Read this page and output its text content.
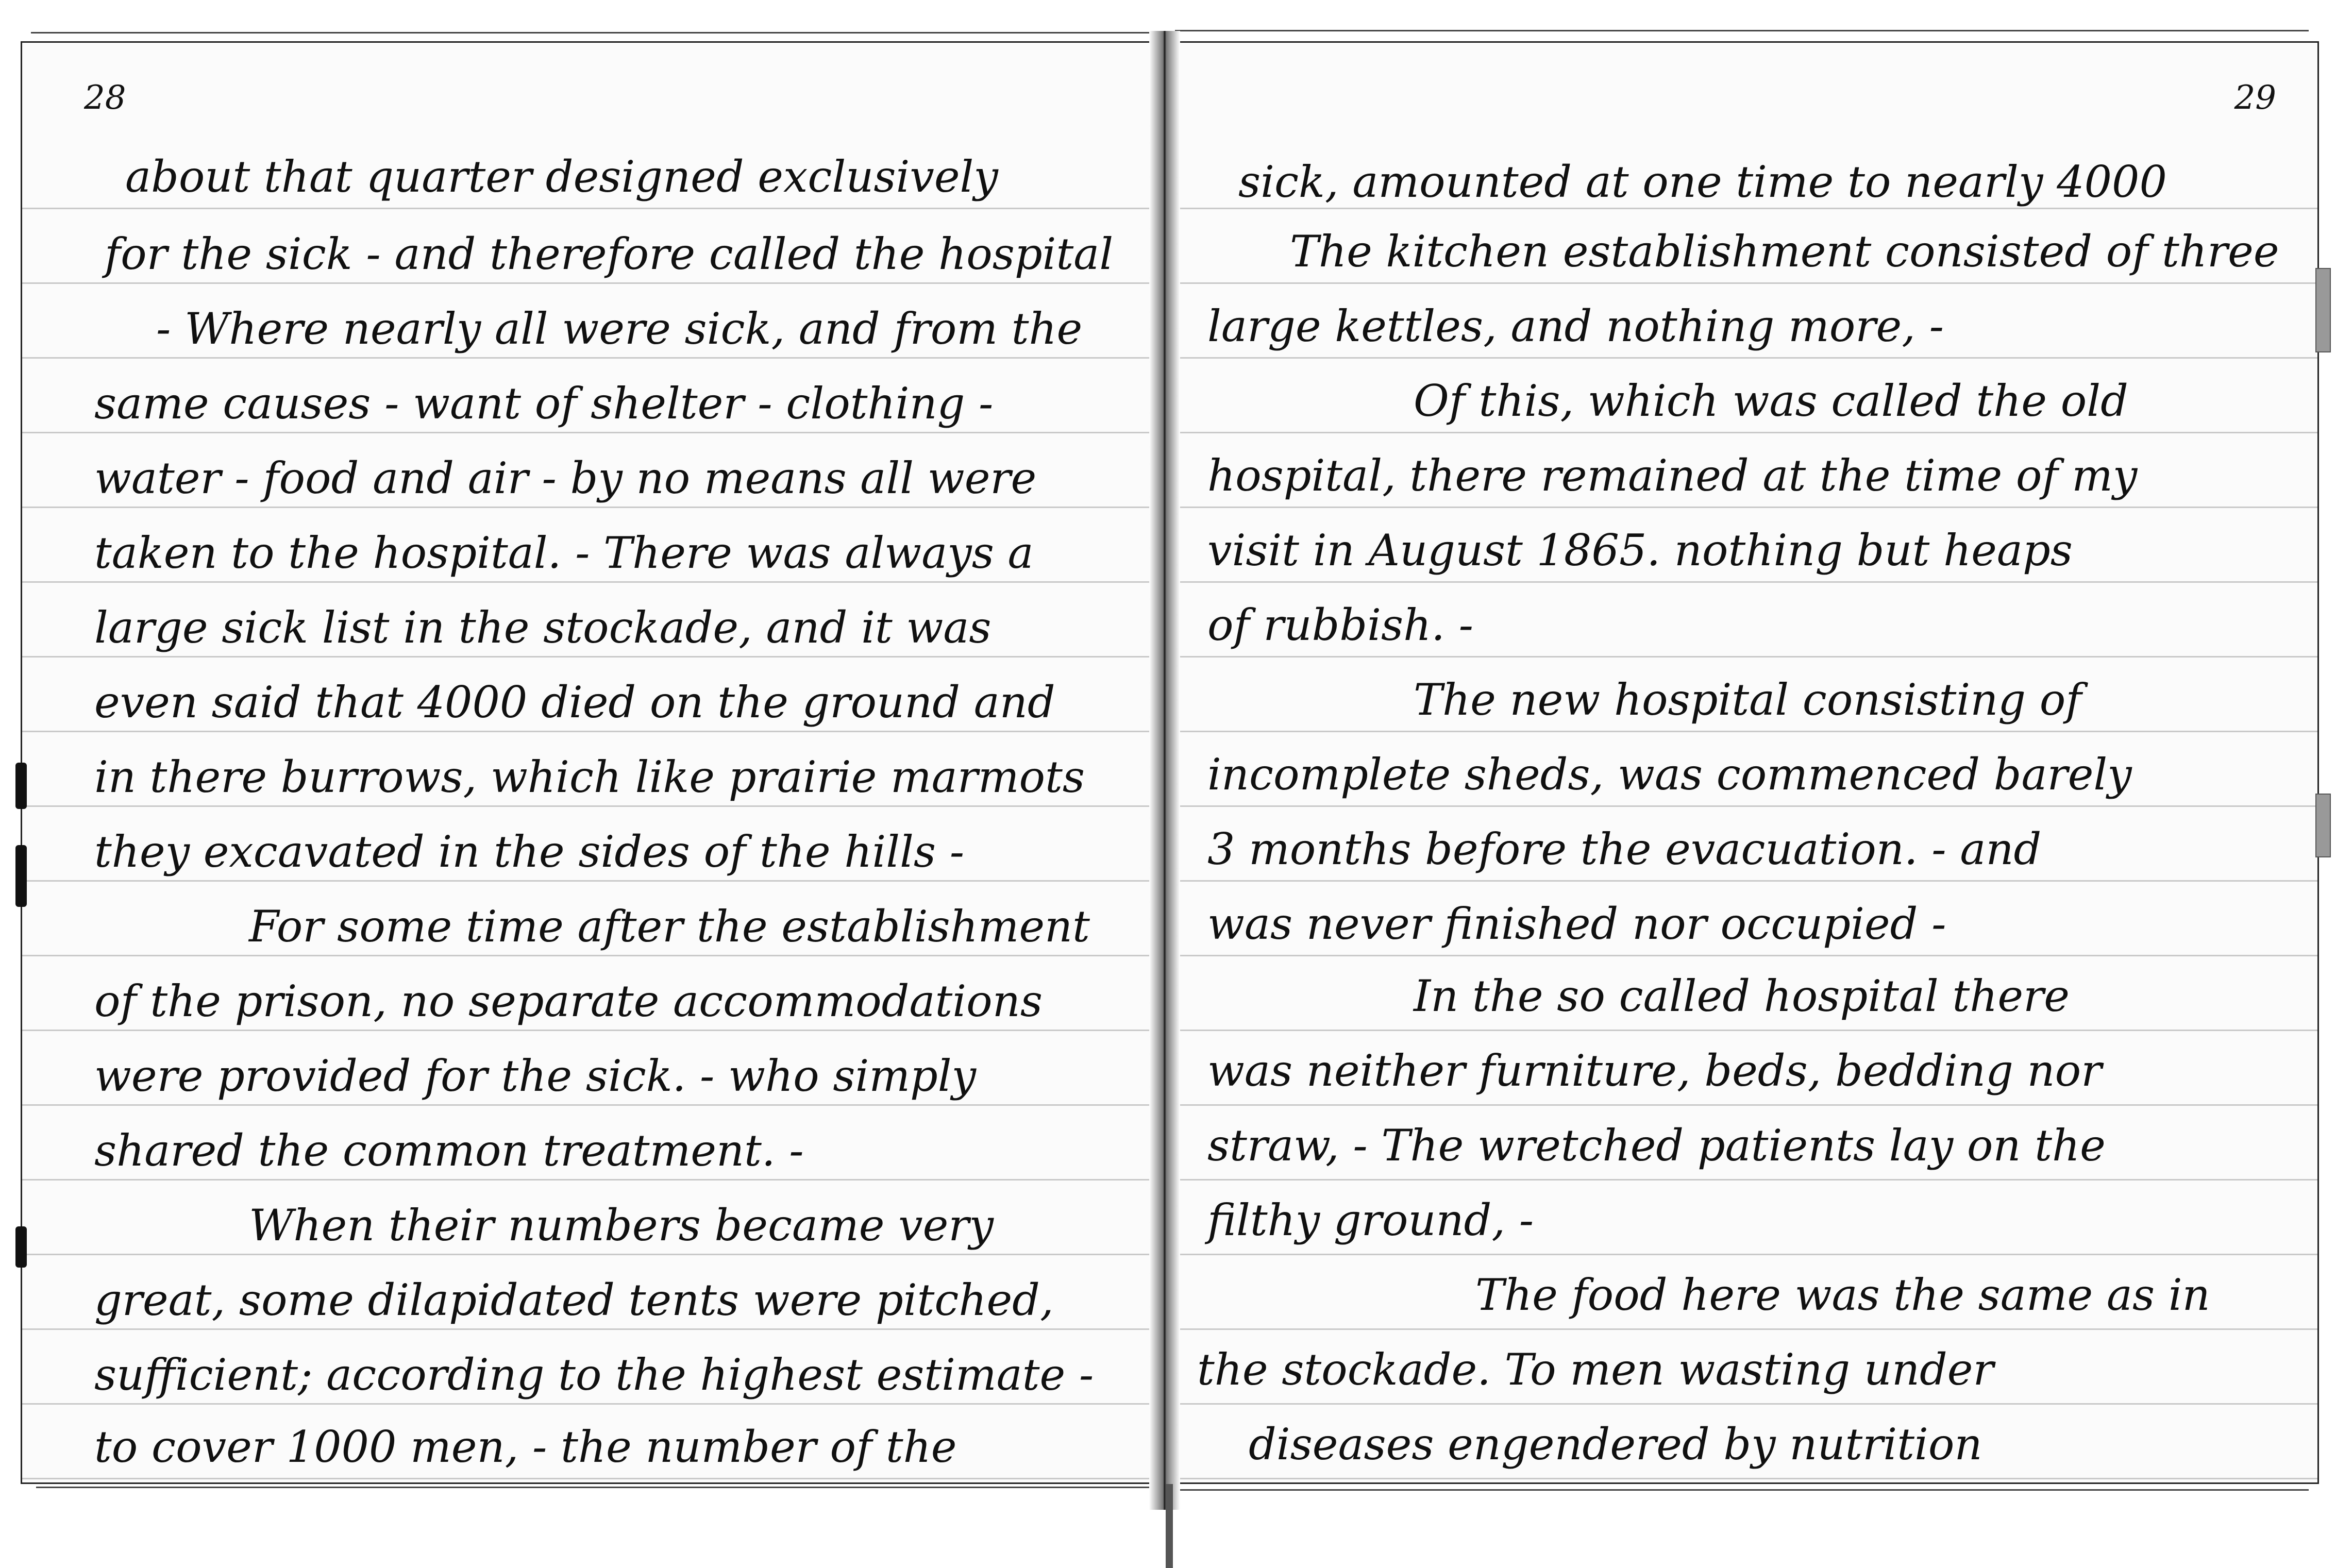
28
about that quarter designed exclusively
for the sick - and therefore called the hospital
- Where nearly all were sick, and from the
same causes - want of shelter - clothing -
water - food and air - by no means all were
taken to the hospital. - There was always a
large sick list in the stockade, and it was
even said that 4000 died on the ground and
in there burrows, which like prairie marmots
they excavated in the sides of the hills -
For some time after the establishment
of the prison, no separate accommodations
were provided for the sick. - who simply
shared the common treatment. -
When their numbers became very
great, some dilapidated tents were pitched,
sufficient; according to the highest estimate -
to cover 1000 men, - the number of the
29
sick, amounted at one time to nearly 4000
The kitchen establishment consisted of three
large kettles, and nothing more, -
Of this, which was called the old
hospital, there remained at the time of my
visit in August 1865. nothing but heaps
of rubbish. -
The new hospital consisting of
incomplete sheds, was commenced barely
3 months before the evacuation. - and
was never finished nor occupied -
In the so called hospital there
was neither furniture, beds, bedding nor
straw, - The wretched patients lay on the
filthy ground, -
The food here was the same as in
the stockade. To men wasting under
diseases engendered by nutrition
